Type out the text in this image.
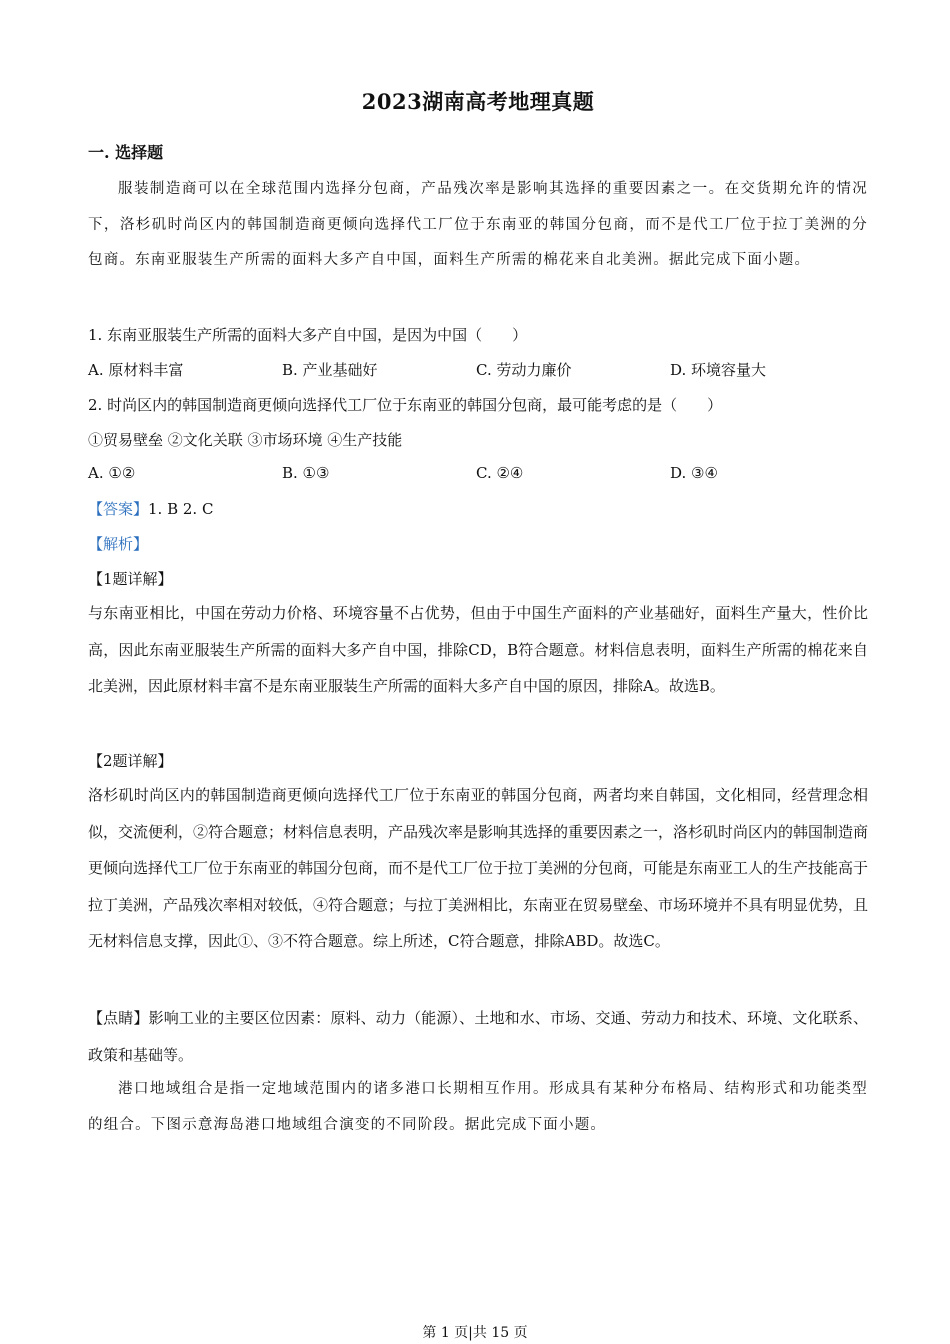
2023湖南高考地理真题
一. 选择题
服装制造商可以在全球范围内选择分包商，产品残次率是影响其选择的重要因素之一。在交货期允许的情况下，洛杉矶时尚区内的韩国制造商更倾向选择代工厂位于东南亚的韩国分包商，而不是代工厂位于拉丁美洲的分包商。东南亚服装生产所需的面料大多产自中国，面料生产所需的棉花来自北美洲。据此完成下面小题。
1. 东南亚服装生产所需的面料大多产自中国，是因为中国（　　）
A. 原材料丰富	B. 产业基础好	C. 劳动力廉价	D. 环境容量大
2. 时尚区内的韩国制造商更倾向选择代工厂位于东南亚的韩国分包商，最可能考虑的是（　　）
①贸易壁垒 ②文化关联 ③市场环境 ④生产技能
A. ①②	B. ①③	C. ②④	D. ③④
【答案】1. B 2. C
【解析】
【1题详解】
与东南亚相比，中国在劳动力价格、环境容量不占优势，但由于中国生产面料的产业基础好，面料生产量大，性价比高，因此东南亚服装生产所需的面料大多产自中国，排除CD，B符合题意。材料信息表明，面料生产所需的棉花来自北美洲，因此原材料丰富不是东南亚服装生产所需的面料大多产自中国的原因，排除A。故选B。
【2题详解】
洛杉矶时尚区内的韩国制造商更倾向选择代工厂位于东南亚的韩国分包商，两者均来自韩国，文化相同，经营理念相似，交流便利，②符合题意；材料信息表明，产品残次率是影响其选择的重要因素之一，洛杉矶时尚区内的韩国制造商更倾向选择代工厂位于东南亚的韩国分包商，而不是代工厂位于拉丁美洲的分包商，可能是东南亚工人的生产技能高于拉丁美洲，产品残次率相对较低，④符合题意；与拉丁美洲相比，东南亚在贸易壁垒、市场环境并不具有明显优势，且无材料信息支撑，因此①、③不符合题意。综上所述，C符合题意，排除ABD。故选C。
【点睛】影响工业的主要区位因素：原料、动力（能源）、土地和水、市场、交通、劳动力和技术、环境、文化联系、政策和基础等。
港口地域组合是指一定地域范围内的诸多港口长期相互作用。形成具有某种分布格局、结构形式和功能类型的组合。下图示意海岛港口地域组合演变的不同阶段。据此完成下面小题。
第 1 页|共 15 页
